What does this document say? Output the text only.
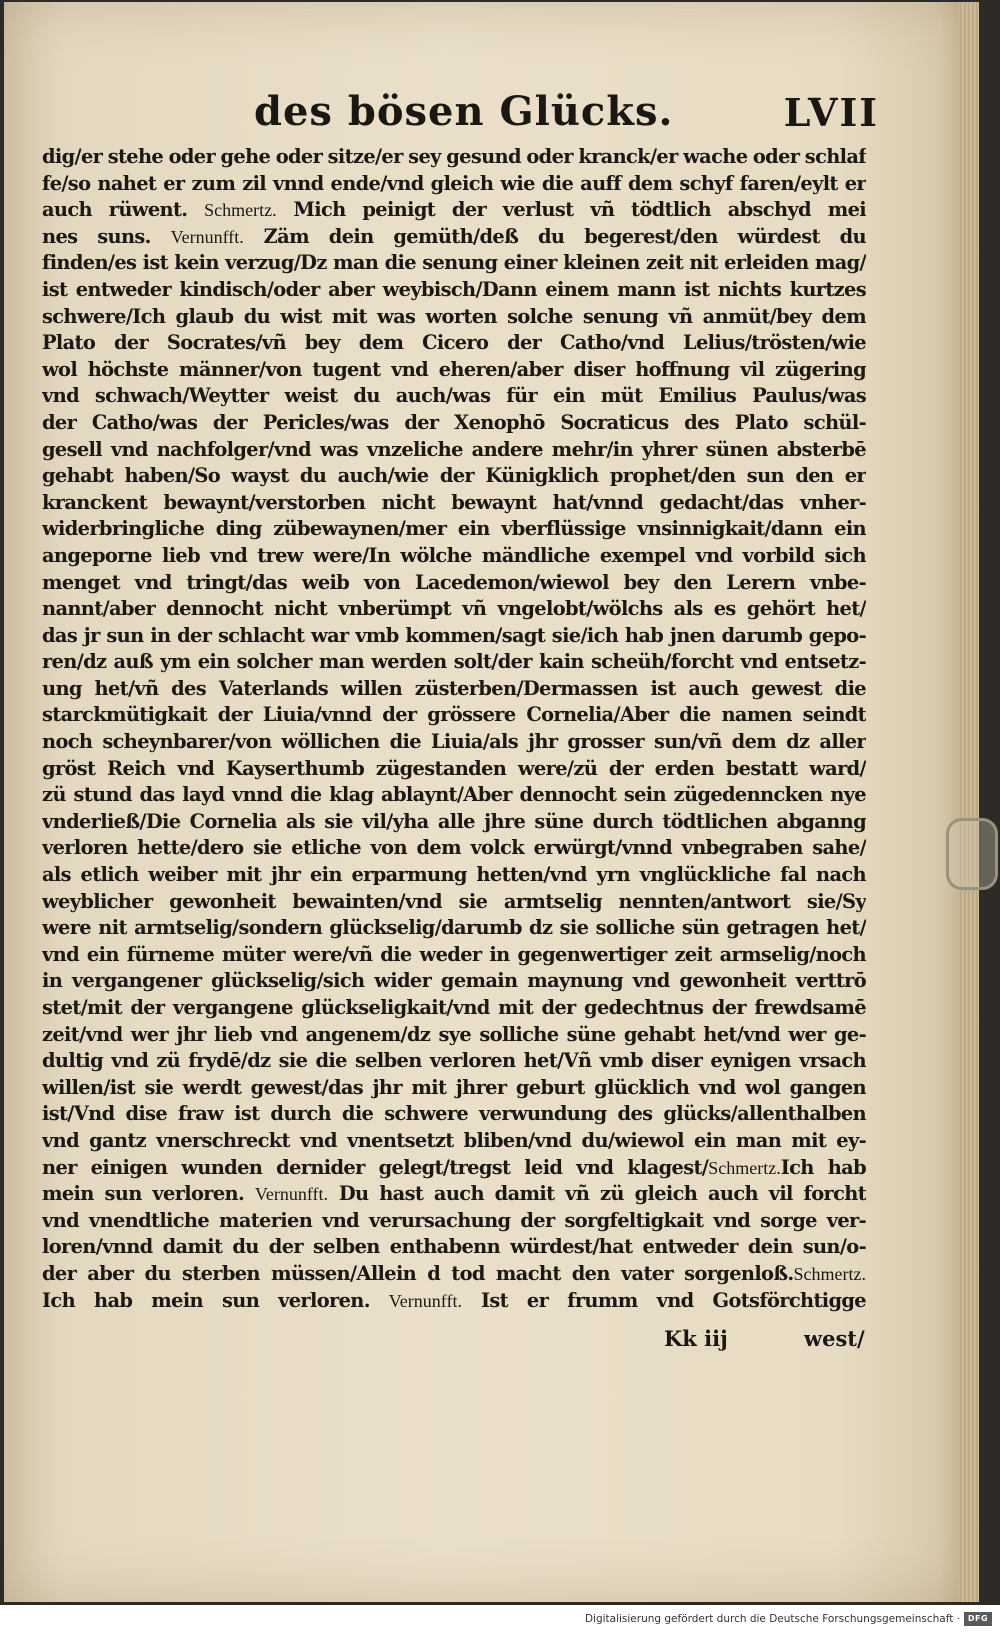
des bösen Glücks.	LVII
dig/er stehe oder gehe oder sitze/er sey gesund oder kranck/er wache oder schlaf
fe/so nahet er zum zil vnnd ende/vnd gleich wie die auff dem schyf faren/eylt er
auch rüwent. Schmertz. Mich peinigt der verlust vñ tödtlich abschyd mei
nes suns. Vernunfft. Zäm dein gemüth/deß du begerest/den würdest du
finden/es ist kein verzug/Dz man die senung einer kleinen zeit nit erleiden mag/
ist entweder kindisch/oder aber weybisch/Dann einem mann ist nichts kurtzes
schwere/Ich glaub du wist mit was worten solche senung vñ anmüt/bey dem
Plato der Socrates/vñ bey dem Cicero der Catho/vnd Lelius/trösten/wie
wol höchste männer/von tugent vnd eheren/aber diser hoffnung vil zügering
vnd schwach/Weytter weist du auch/was für ein müt Emilius Paulus/was
der Catho/was der Pericles/was der Xenophō Socraticus des Plato schül-
gesell vnd nachfolger/vnd was vnzeliche andere mehr/in yhrer sünen absterbē
gehabt haben/So wayst du auch/wie der Künigklich prophet/den sun den er
kranckent bewaynt/verstorben nicht bewaynt hat/vnnd gedacht/das vnher-
widerbringliche ding zübewaynen/mer ein vberflüssige vnsinnigkait/dann ein
angeporne lieb vnd trew were/In wölche mändliche exempel vnd vorbild sich
menget vnd tringt/das weib von Lacedemon/wiewol bey den Lerern vnbe-
nannt/aber dennocht nicht vnberümpt vñ vngelobt/wölchs als es gehört het/
das jr sun in der schlacht war vmb kommen/sagt sie/ich hab jnen darumb gepo-
ren/dz auß ym ein solcher man werden solt/der kain scheüh/forcht vnd entsetz-
ung het/vñ des Vaterlands willen züsterben/Dermassen ist auch gewest die
starckmütigkait der Liuia/vnnd der grössere Cornelia/Aber die namen seindt
noch scheynbarer/von wöllichen die Liuia/als jhr grosser sun/vñ dem dz aller
gröst Reich vnd Kayserthumb zügestanden were/zü der erden bestatt ward/
zü stund das layd vnnd die klag ablaynt/Aber dennocht sein zügedenncken nye
vnderließ/Die Cornelia als sie vil/yha alle jhre süne durch tödtlichen abganng
verloren hette/dero sie etliche von dem volck erwürgt/vnnd vnbegraben sahe/
als etlich weiber mit jhr ein erparmung hetten/vnd yrn vnglückliche fal nach
weyblicher gewonheit bewainten/vnd sie armtselig nennten/antwort sie/Sy
were nit armtselig/sondern glückselig/darumb dz sie solliche sün getragen het/
vnd ein fürneme müter were/vñ die weder in gegenwertiger zeit armselig/noch
in vergangener glückselig/sich wider gemain maynung vnd gewonheit verttrō
stet/mit der vergangene glückseligkait/vnd mit der gedechtnus der frewdsamē
zeit/vnd wer jhr lieb vnd angenem/dz sye solliche süne gehabt het/vnd wer ge-
dultig vnd zü frydē/dz sie die selben verloren het/Vñ vmb diser eynigen vrsach
willen/ist sie werdt gewest/das jhr mit jhrer geburt glücklich vnd wol gangen
ist/Vnd dise fraw ist durch die schwere verwundung des glücks/allenthalben
vnd gantz vnerschreckt vnd vnentsetzt bliben/vnd du/wiewol ein man mit ey-
ner einigen wunden dernider gelegt/tregst leid vnd klagest/Schmertz.Ich hab
mein sun verloren. Vernunfft. Du hast auch damit vñ zü gleich auch vil forcht
vnd vnendtliche materien vnd verursachung der sorgfeltigkait vnd sorge ver-
loren/vnnd damit du der selben enthabenn würdest/hat entweder dein sun/o-
der aber du sterben müssen/Allein d tod macht den vater sorgenloß.Schmertz.
Ich hab mein sun verloren. Vernunfft. Ist er frumm vnd Gotsförchtigge
Kk iij	west/
Digitalisierung gefördert durch die Deutsche Forschungsgemeinschaft · DFG
